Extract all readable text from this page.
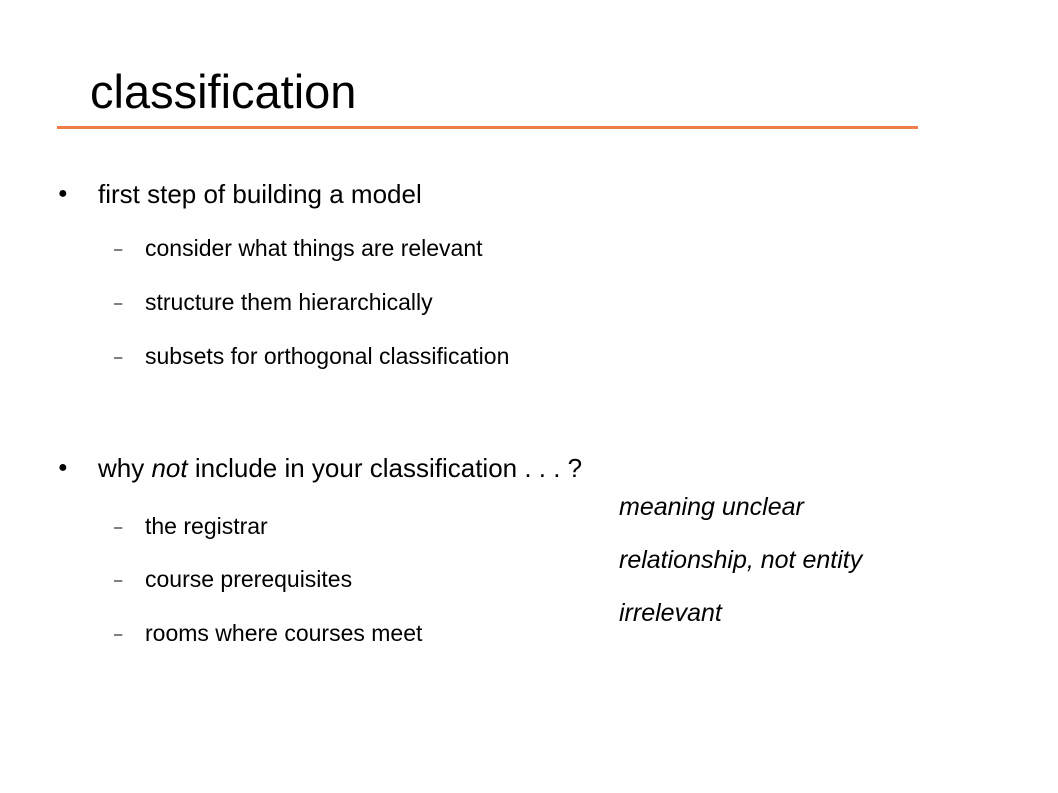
classification
● first step of building a model
– consider what things are relevant
– structure them hierarchically
– subsets for orthogonal classification
● why not include in your classification . . . ?
– the registrar
– course prerequisites
– rooms where courses meet
meaning unclear
relationship, not entity
irrelevant
